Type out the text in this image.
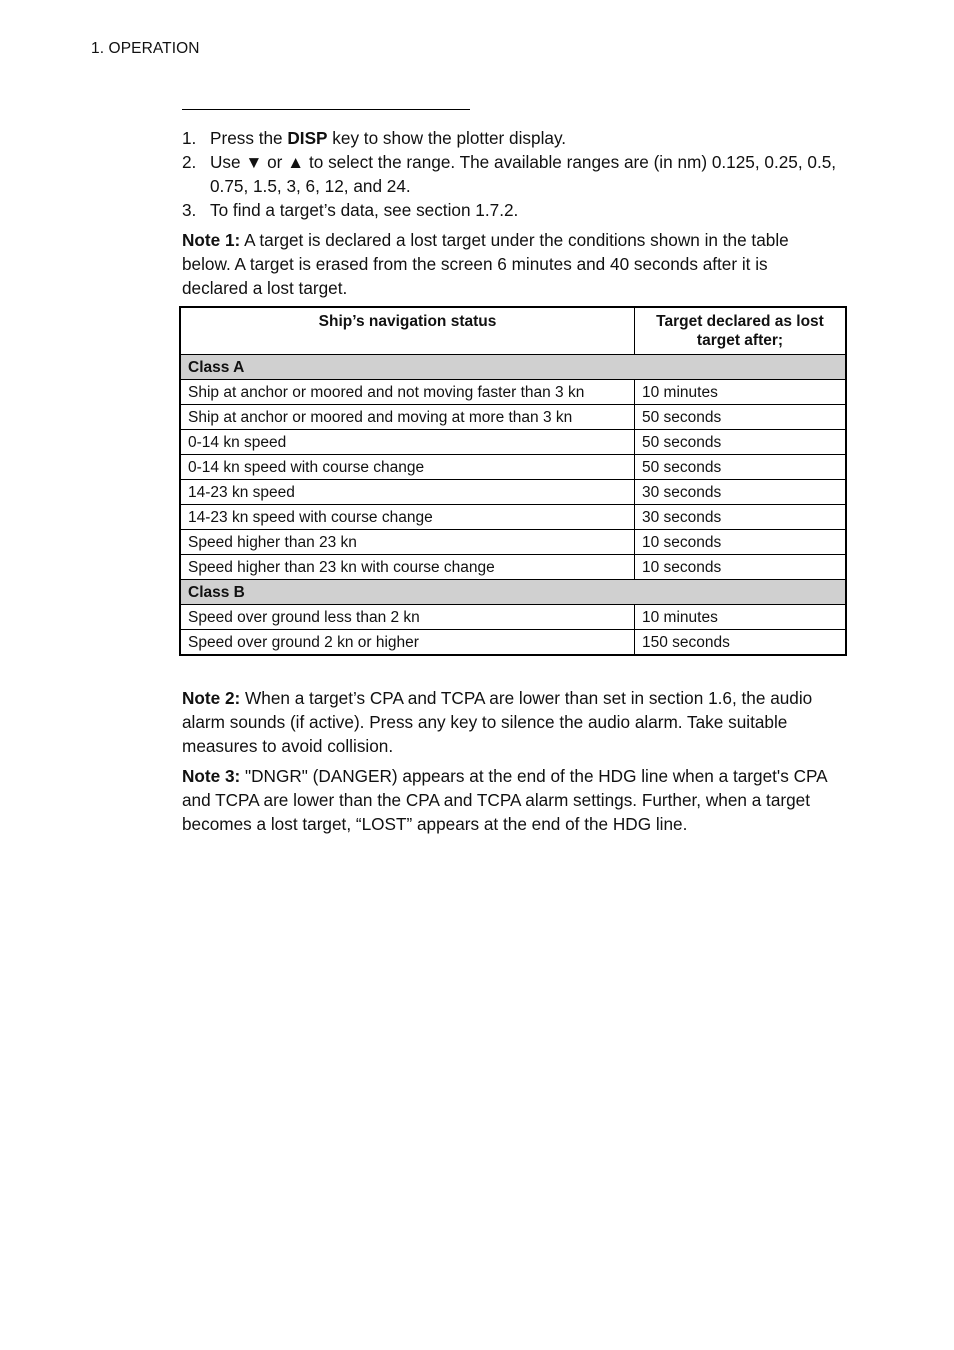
1. OPERATION
1. Press the DISP key to show the plotter display.
2. Use ▼ or ▲ to select the range. The available ranges are (in nm) 0.125, 0.25, 0.5, 0.75, 1.5, 3, 6, 12, and 24.
3. To find a target’s data, see section 1.7.2.

Note 1: A target is declared a lost target under the conditions shown in the table below. A target is erased from the screen 6 minutes and 40 seconds after it is declared a lost target.

Ship’s navigation status	Target declared as lost target after;
Class A	
Ship at anchor or moored and not moving faster than 3 kn	10 minutes
Ship at anchor or moored and moving at more than 3 kn	50 seconds
0-14 kn speed	50 seconds
0-14 kn speed with course change	50 seconds
14-23 kn speed	30 seconds
14-23 kn speed with course change	30 seconds
Speed higher than 23 kn	10 seconds
Speed higher than 23 kn with course change	10 seconds
Class B	
Speed over ground less than 2 kn	10 minutes
Speed over ground 2 kn or higher	150 seconds

Note 2: When a target’s CPA and TCPA are lower than set in section 1.6, the audio alarm sounds (if active). Press any key to silence the audio alarm. Take suitable measures to avoid collision.

Note 3: "DNGR" (DANGER) appears at the end of the HDG line when a target's CPA and TCPA are lower than the CPA and TCPA alarm settings. Further, when a target becomes a lost target, “LOST” appears at the end of the HDG line.
